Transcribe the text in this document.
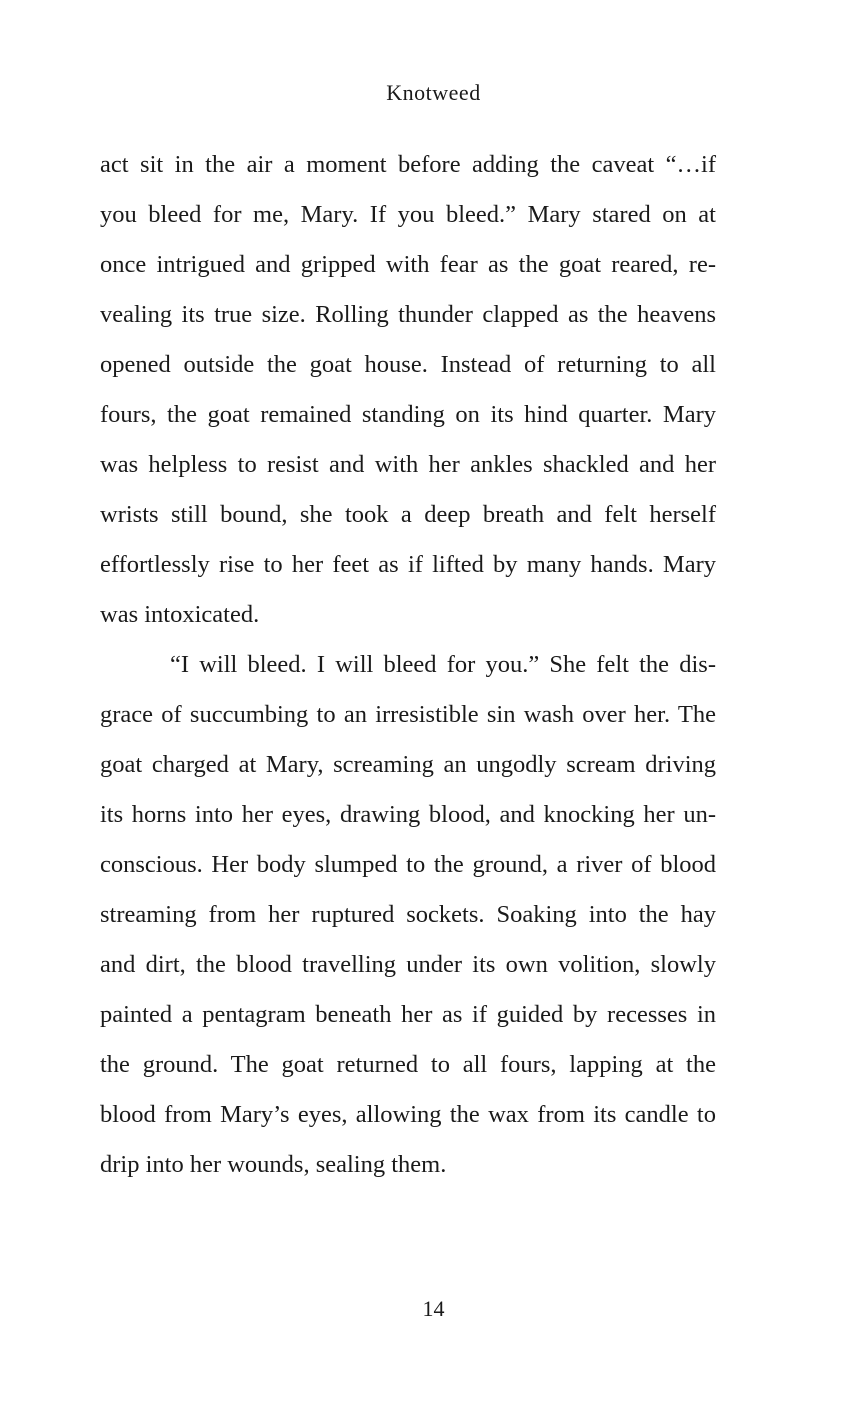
Knotweed
act sit in the air a moment before adding the caveat “…if
you bleed for me, Mary. If you bleed.” Mary stared on at
once intrigued and gripped with fear as the goat reared, re-
vealing its true size. Rolling thunder clapped as the heavens
opened outside the goat house. Instead of returning to all
fours, the goat remained standing on its hind quarter. Mary
was helpless to resist and with her ankles shackled and her
wrists still bound, she took a deep breath and felt herself
effortlessly rise to her feet as if lifted by many hands. Mary
was intoxicated.
“I will bleed. I will bleed for you.” She felt the dis-
grace of succumbing to an irresistible sin wash over her. The
goat charged at Mary, screaming an ungodly scream driving
its horns into her eyes, drawing blood, and knocking her un-
conscious. Her body slumped to the ground, a river of blood
streaming from her ruptured sockets. Soaking into the hay
and dirt, the blood travelling under its own volition, slowly
painted a pentagram beneath her as if guided by recesses in
the ground. The goat returned to all fours, lapping at the
blood from Mary’s eyes, allowing the wax from its candle to
drip into her wounds, sealing them.
14
